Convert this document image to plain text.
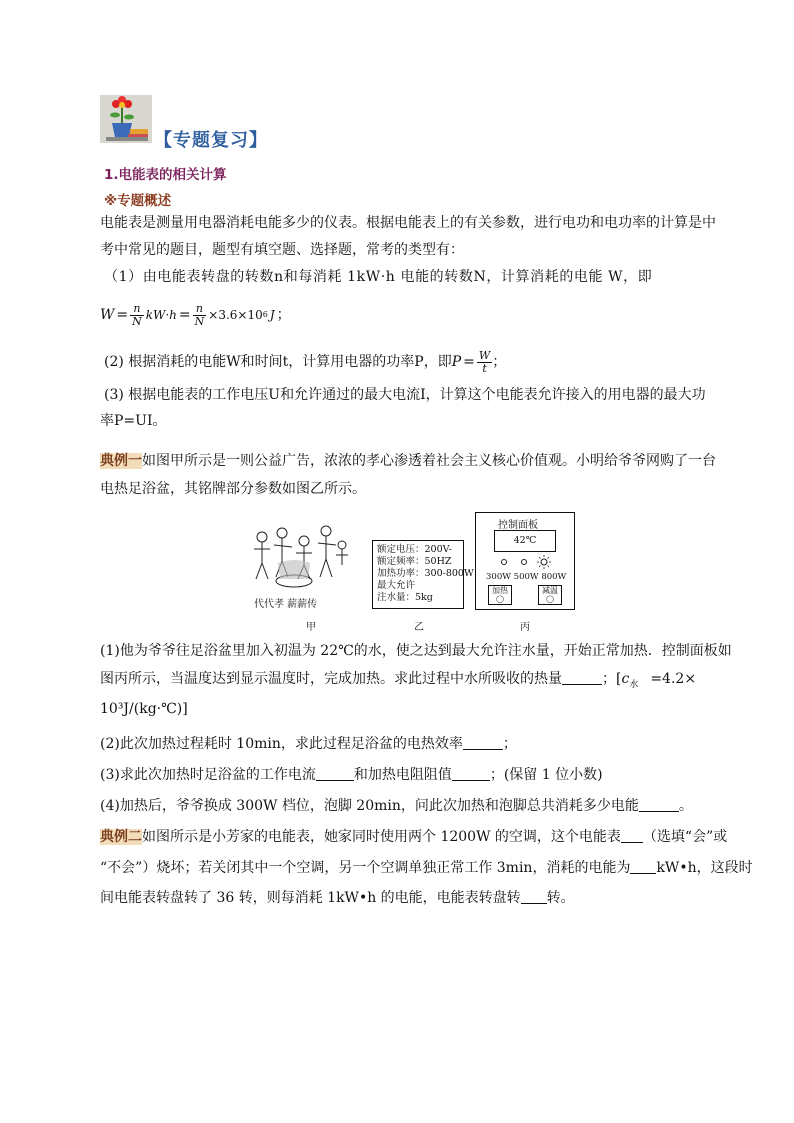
【专题复习】
1.电能表的相关计算
※专题概述
电能表是测量用电器消耗电能多少的仪表。根据电能表上的有关参数，进行电功和电功率的计算是中
考中常见的题目，题型有填空题、选择题，常考的类型有：
（1）由电能表转盘的转数n和每消耗 1kW·h 电能的转数N，计算消耗的电能 W，即
$W = \frac{n}{N} kW\cdot h = \frac{n}{N} \times 3.6\times 10$ 6 J ；
(2) 根据消耗的电能W和时间t，计算用电器的功率P，即 $P = \frac{W}{t}$ ；
(3) 根据电能表的工作电压U和允许通过的最大电流I，计算这个电能表允许接入的用电器的最大功
率P=UI。
典例一如图甲所示是一则公益广告，浓浓的孝心渗透着社会主义核心价值观。小明给爷爷网购了一台
电热足浴盆，其铭牌部分参数如图乙所示。
代代孝 薪薪传
额定电压：200V-
额定频率：50HZ
加热功率：300-800W
最大允许
注水量：5kg
控制面板
42℃
300W 500W 800W
加热
◯
减温
◯
甲	乙	丙
(1)他为爷爷往足浴盆里加入初温为 22℃的水，使之达到最大允许注水量，开始正常加热．控制面板如
图丙所示，当温度达到显示温度时，完成加热。求此过程中水所吸收的热量	；[$c_水 =4.2\times$
10³J/(kg·℃)]
(2)此次加热过程耗时 10min，求此过程足浴盆的电热效率	；
(3)求此次加热时足浴盆的工作电流	和加热电阻阻值	；(保留 1 位小数)
(4)加热后，爷爷换成 300W 档位，泡脚 20min，问此次加热和泡脚总共消耗多少电能	。
典例二如图所示是小芳家的电能表，她家同时使用两个 1200W 的空调，这个电能表 （选填“会”或
“不会”）烧坏；若关闭其中一个空调，另一个空调单独正常工作 3min，消耗的电能为 kW•h，这段时
间电能表转盘转了 36 转，则每消耗 1kW•h 的电能，电能表转盘转 转。
